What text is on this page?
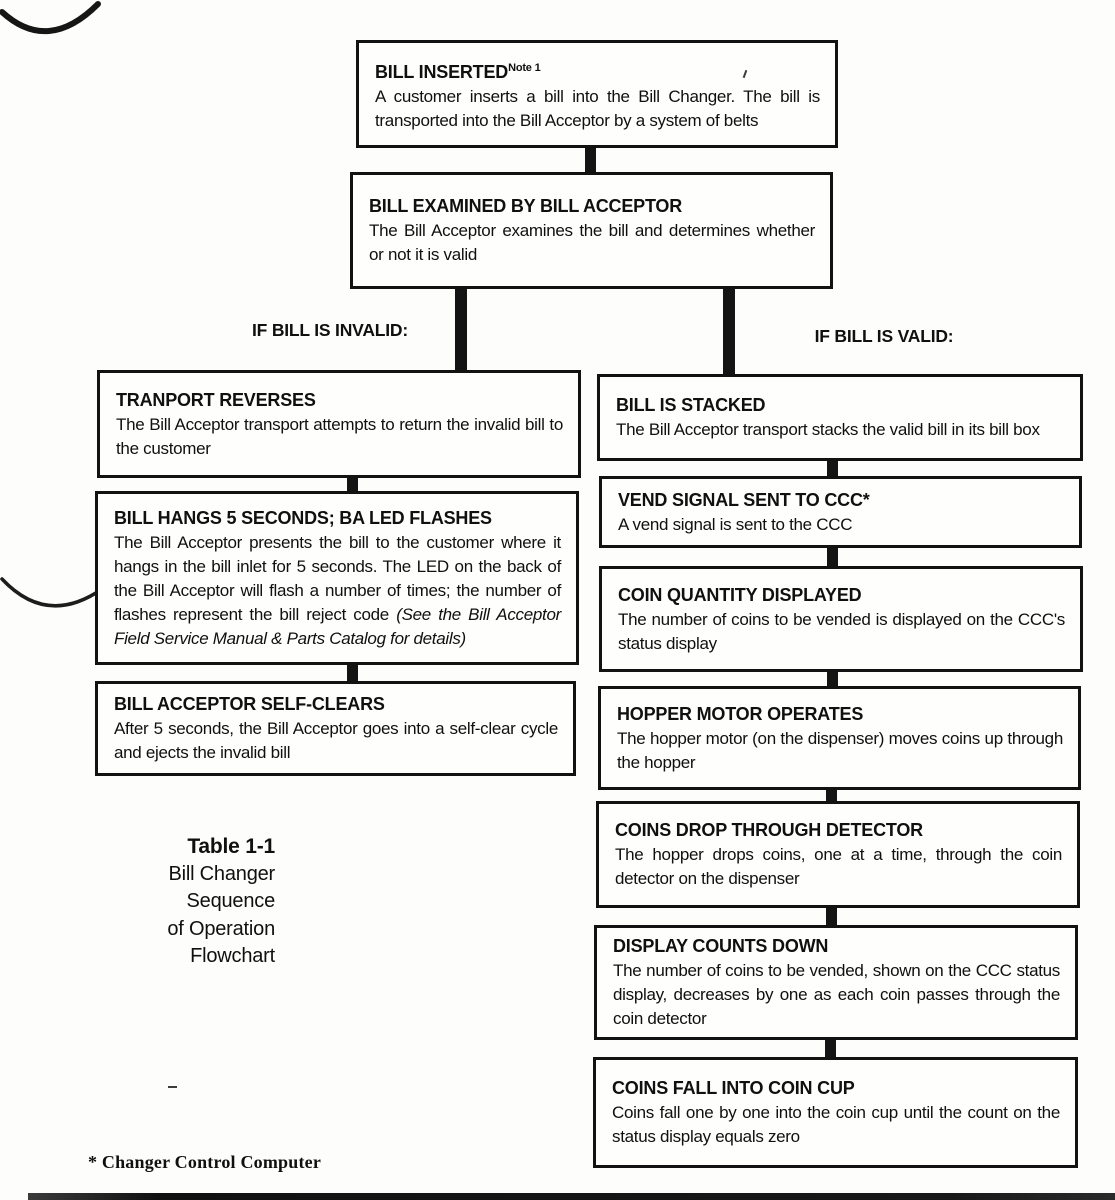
BILL $INSERTED^{Note 1}$
A customer inserts a bill into the Bill Changer. The bill is transported into the Bill Acceptor by a system of belts
BILL EXAMINED BY BILL ACCEPTOR
The Bill Acceptor examines the bill and determines whether or not it is valid
IF BILL IS INVALID:	IF BILL IS VALID:
TRANPORT REVERSES
The Bill Acceptor transport attempts to return the invalid bill to the customer
BILL HANGS 5 SECONDS; BA LED FLASHES
The Bill Acceptor presents the bill to the customer where it hangs in the bill inlet for 5 seconds. The LED on the back of the Bill Acceptor will flash a number of times; the number of flashes represent the bill reject code (See the Bill Acceptor Field Service Manual & Parts Catalog for details)
BILL ACCEPTOR SELF-CLEARS
After 5 seconds, the Bill Acceptor goes into a self-clear cycle and ejects the invalid bill
BILL IS STACKED
The Bill Acceptor transport stacks the valid bill in its bill box
VEND SIGNAL SENT TO CCC*
A vend signal is sent to the CCC
COIN QUANTITY DISPLAYED
The number of coins to be vended is displayed on the CCC's status display
HOPPER MOTOR OPERATES
The hopper motor (on the dispenser) moves coins up through the hopper
COINS DROP THROUGH DETECTOR
The hopper drops coins, one at a time, through the coin detector on the dispenser
DISPLAY COUNTS DOWN
The number of coins to be vended, shown on the CCC status display, decreases by one as each coin passes through the coin detector
COINS FALL INTO COIN CUP
Coins fall one by one into the coin cup until the count on the status display equals zero
Table 1-1
Bill Changer
Sequence
of Operation
Flowchart
* Changer Control Computer
